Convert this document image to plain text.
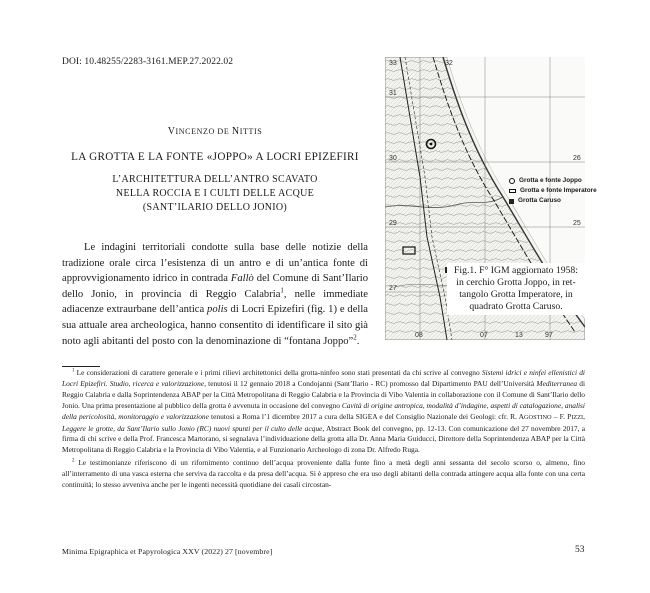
DOI: 10.48255/2283-3161.MEP.27.2022.02
VINCENZO DE NITTIS
LA GROTTA E LA FONTE «JOPPO» A LOCRI EPIZEFIRI
L’ARCHITETTURA DELL’ANTRO SCAVATO
NELLA ROCCIA E I CULTI DELLE ACQUE
(SANT’ILARIO DELLO JONIO)

Le indagini territoriali condotte sulla base delle notizie della tradizione orale circa l’esistenza di un antro e di un’antica fonte di approvvigionamento idrico in contrada Fallò del Comune di Sant’Ilario dello Jonio, in provincia di Reggio Calabria$^1$, nelle immediate adiacenze extraurbane dell’antica polis di Locri Epizefiri (fig. 1) e della sua attuale area archeologica, hanno consentito di identificare il sito già noto agli abitanti del posto con la denominazione di “fontana Joppo”$^2$.

33
31
30
29
27
26
25
08	07	97
32
13
Grotta e fonte Joppo
Grotta e fonte Imperatore
Grotta Caruso
Fig.1. F° IGM aggiornato 1958:
in cerchio Grotta Joppo, in ret-
tangolo Grotta Imperatore, in
quadrato Grotta Caruso.

$^1$ Le considerazioni di carattere generale e i primi rilievi architettonici della grotta-ninfeo sono stati presentati da chi scrive al convegno Sistemi idrici e ninfei ellenistici di Locri Epizefiri. Studio, ricerca e valorizzazione, tenutosi il 12 gennaio 2018 a Condojanni (Sant’Ilario - RC) promosso dal Dipartimento PAU dell’Università Mediterranea di Reggio Calabria e dalla Soprintendenza ABAP per la Città Metropolitana di Reggio Calabria e la Provincia di Vibo Valentia in collaborazione con il Comune di Sant’Ilario dello Jonio. Una prima presentazione al pubblico della grotta è avvenuta in occasione del convegno Cavità di origine antropica, modalità d’indagine, aspetti di catalogazione, analisi della pericolosità, monitoraggio e valorizzazione tenutosi a Roma l’1 dicembre 2017 a cura della SIGEA e del Consiglio Nazionale dei Geologi: cfr. R. AGOSTINO – F. PIZZI, Leggere le grotte, da Sant’Ilario sullo Jonio (RC) nuovi spunti per il culto delle acque, Abstract Book del convegno, pp. 12-13. Con comunicazione del 27 novembre 2017, a firma di chi scrive e della Prof. Francesca Martorano, si segnalava l’individuazione della grotta alla Dr. Anna Maria Guiducci, Direttore della Soprintendenza ABAP per la Città Metropolitana di Reggio Calabria e la Provincia di Vibo Valentia, e al Funzionario Archeologo di zona Dr. Alfredo Ruga.

$^2$ Le testimonianze riferiscono di un rifornimento continuo dell’acqua proveniente dalla fonte fino a metà degli anni sessanta del secolo scorso o, almeno, fino all’interramento di una vasca esterna che serviva da raccolta e da presa dell’acqua. Si è appreso che era uso degli abitanti della contrada attingere acqua alla fonte con una certa continuità; lo stesso avveniva anche per le ingenti necessità quotidiane dei casali circostan-

Minima Epigraphica et Papyrologica XXV (2022) 27 [novembre]	53
